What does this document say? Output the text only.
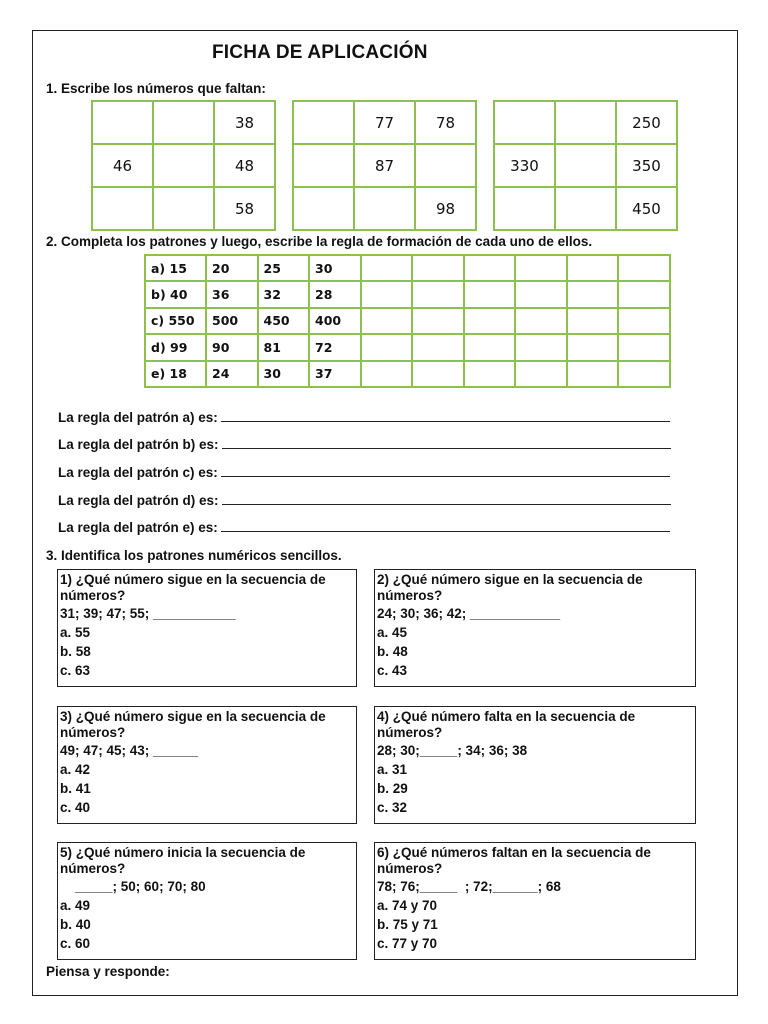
FICHA DE APLICACIÓN
1. Escribe los números que faltan:
		38
46		48
		58
	77	78
	87	
		98
		250
330		350
		450
2. Completa los patrones y luego, escribe la regla de formación de cada uno de ellos.
a) 15	20	25	30						
b) 40	36	32	28						
c) 550	500	450	400						
d) 99	90	81	72						
e) 18	24	30	37						
La regla del patrón a) es:
La regla del patrón b) es:
La regla del patrón c) es:
La regla del patrón d) es:
La regla del patrón e) es:
3. Identifica los patrones numéricos sencillos.
1) ¿Qué número sigue en la secuencia de
números?
31; 39; 47; 55; ___________
a. 55
b. 58
c. 63
2) ¿Qué número sigue en la secuencia de
números?
24; 30; 36; 42; ____________
a. 45
b. 48
c. 43
3) ¿Qué número sigue en la secuencia de
números?
49; 47; 45; 43; ______
a. 42
b. 41
c. 40
4) ¿Qué número falta en la secuencia de
números?
28; 30;_____; 34; 36; 38
a. 31
b. 29
c. 32
5) ¿Qué número inicia la secuencia de
números?
_____; 50; 60; 70; 80
a. 49
b. 40
c. 60
6) ¿Qué números faltan en la secuencia de
números?
78; 76;_____  ; 72;______; 68
a. 74 y 70
b. 75 y 71
c. 77 y 70
Piensa y responde:
